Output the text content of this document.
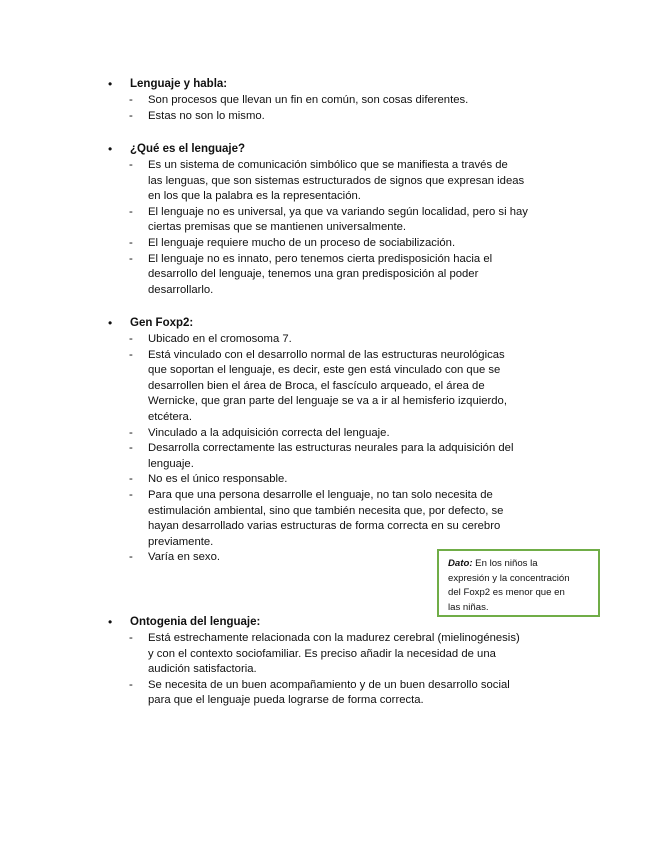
• Lenguaje y habla:
- Son procesos que llevan un fin en común, son cosas diferentes.
- Estas no son lo mismo.
• ¿Qué es el lenguaje?
- Es un sistema de comunicación simbólico que se manifiesta a través de
las lenguas, que son sistemas estructurados de signos que expresan ideas
en los que la palabra es la representación.
- El lenguaje no es universal, ya que va variando según localidad, pero si hay
ciertas premisas que se mantienen universalmente.
- El lenguaje requiere mucho de un proceso de sociabilización.
- El lenguaje no es innato, pero tenemos cierta predisposición hacia el
desarrollo del lenguaje, tenemos una gran predisposición al poder
desarrollarlo.
• Gen Foxp2:
- Ubicado en el cromosoma 7.
- Está vinculado con el desarrollo normal de las estructuras neurológicas
que soportan el lenguaje, es decir, este gen está vinculado con que se
desarrollen bien el área de Broca, el fascículo arqueado, el área de
Wernicke, que gran parte del lenguaje se va a ir al hemisferio izquierdo,
etcétera.
- Vinculado a la adquisición correcta del lenguaje.
- Desarrolla correctamente las estructuras neurales para la adquisición del
lenguaje.
- No es el único responsable.
- Para que una persona desarrolle el lenguaje, no tan solo necesita de
estimulación ambiental, sino que también necesita que, por defecto, se
hayan desarrollado varias estructuras de forma correcta en su cerebro
previamente.
- Varía en sexo.
• Ontogenia del lenguaje:
- Está estrechamente relacionada con la madurez cerebral (mielinogénesis)
y con el contexto sociofamiliar. Es preciso añadir la necesidad de una
audición satisfactoria.
- Se necesita de un buen acompañamiento y de un buen desarrollo social
para que el lenguaje pueda lograrse de forma correcta.
Dato: En los niños la
expresión y la concentración
del Foxp2 es menor que en
las niñas.
